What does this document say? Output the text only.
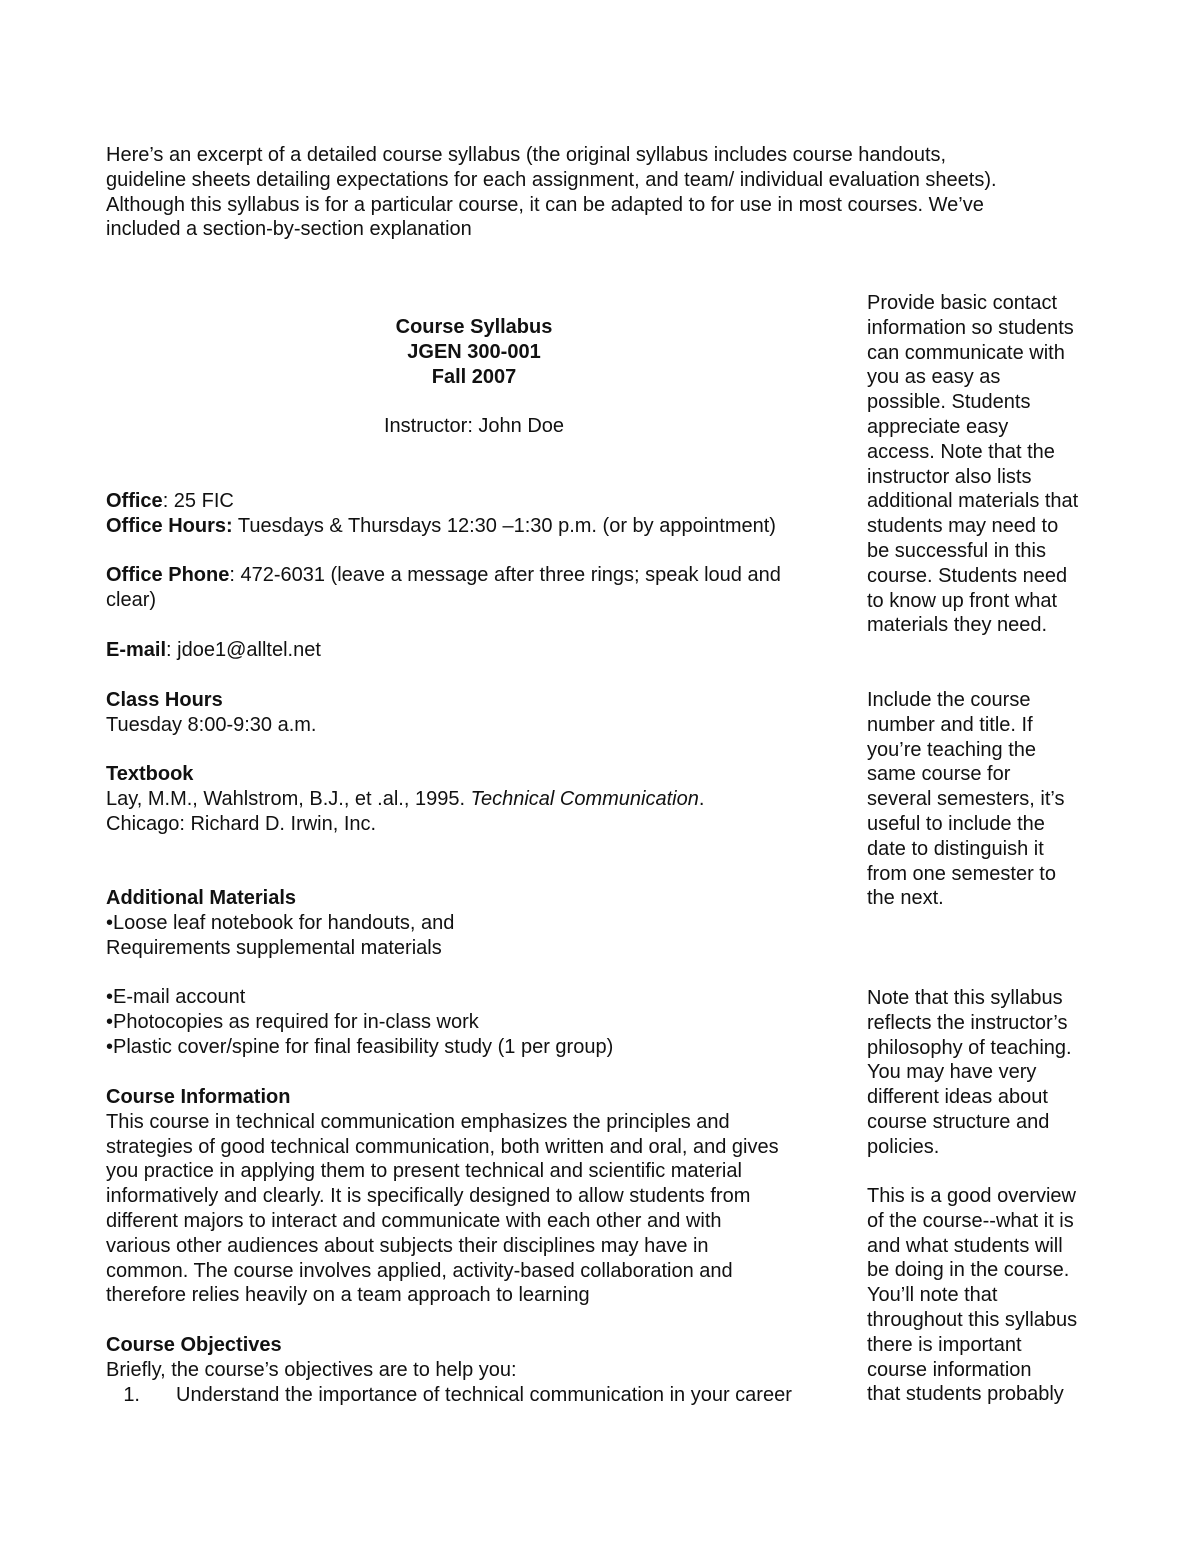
Here’s an excerpt of a detailed course syllabus (the original syllabus includes course handouts,
guideline sheets detailing expectations for each assignment, and team/ individual evaluation sheets).
Although this syllabus is for a particular course, it can be adapted to for use in most courses. We’ve
included a section-by-section explanation
Course Syllabus
JGEN 300-001
Fall 2007
Instructor: John Doe
Office: 25 FIC
Office Hours: Tuesdays & Thursdays 12:30 –1:30 p.m. (or by appointment)
Office Phone: 472-6031 (leave a message after three rings; speak loud and
clear)
E-mail: jdoe1@alltel.net
Class Hours
Tuesday 8:00-9:30 a.m.
Textbook
Lay, M.M., Wahlstrom, B.J., et .al., 1995. Technical Communication.
Chicago: Richard D. Irwin, Inc.
Additional Materials
•Loose leaf notebook for handouts, and
Requirements supplemental materials
•E-mail account
•Photocopies as required for in-class work
•Plastic cover/spine for final feasibility study (1 per group)
Course Information
This course in technical communication emphasizes the principles and
strategies of good technical communication, both written and oral, and gives
you practice in applying them to present technical and scientific material
informatively and clearly. It is specifically designed to allow students from
different majors to interact and communicate with each other and with
various other audiences about subjects their disciplines may have in
common. The course involves applied, activity-based collaboration and
therefore relies heavily on a team approach to learning
Course Objectives
Briefly, the course’s objectives are to help you:
1. Understand the importance of technical communication in your career
Provide basic contact
information so students
can communicate with
you as easy as
possible. Students
appreciate easy
access. Note that the
instructor also lists
additional materials that
students may need to
be successful in this
course. Students need
to know up front what
materials they need.
Include the course
number and title. If
you’re teaching the
same course for
several semesters, it’s
useful to include the
date to distinguish it
from one semester to
the next.
Note that this syllabus
reflects the instructor’s
philosophy of teaching.
You may have very
different ideas about
course structure and
policies.
This is a good overview
of the course--what it is
and what students will
be doing in the course.
You’ll note that
throughout this syllabus
there is important
course information
that students probably
